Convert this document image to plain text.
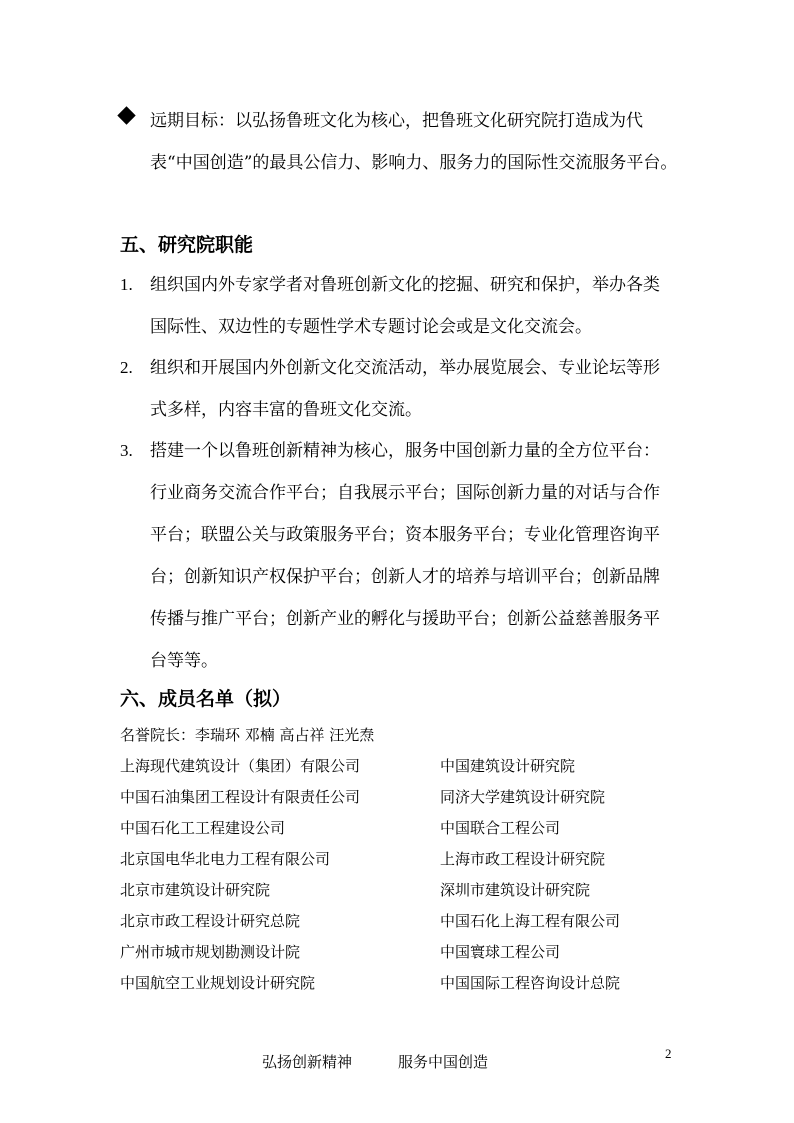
远期目标：以弘扬鲁班文化为核心，把鲁班文化研究院打造成为代表“中国创造”的最具公信力、影响力、服务力的国际性交流服务平台。

五、研究院职能
1. 组织国内外专家学者对鲁班创新文化的挖掘、研究和保护，举办各类国际性、双边性的专题性学术专题讨论会或是文化交流会。

2. 组织和开展国内外创新文化交流活动，举办展览展会、专业论坛等形式多样，内容丰富的鲁班文化交流。

3. 搭建一个以鲁班创新精神为核心，服务中国创新力量的全方位平台：行业商务交流合作平台；自我展示平台；国际创新力量的对话与合作平台；联盟公关与政策服务平台；资本服务平台；专业化管理咨询平台；创新知识产权保护平台；创新人才的培养与培训平台；创新品牌传播与推广平台；创新产业的孵化与援助平台；创新公益慈善服务平台等等。

六、成员名单（拟）
名誉院长：李瑞环 邓楠 高占祥 汪光焘
上海现代建筑设计（集团）有限公司	中国建筑设计研究院
中国石油集团工程设计有限责任公司	同济大学建筑设计研究院
中国石化工工程建设公司	中国联合工程公司
北京国电华北电力工程有限公司	上海市政工程设计研究院
北京市建筑设计研究院	深圳市建筑设计研究院
北京市政工程设计研究总院	中国石化上海工程有限公司
广州市城市规划勘测设计院	中国寰球工程公司
中国航空工业规划设计研究院	中国国际工程咨询设计总院
弘扬创新精神	服务中国创造	2
